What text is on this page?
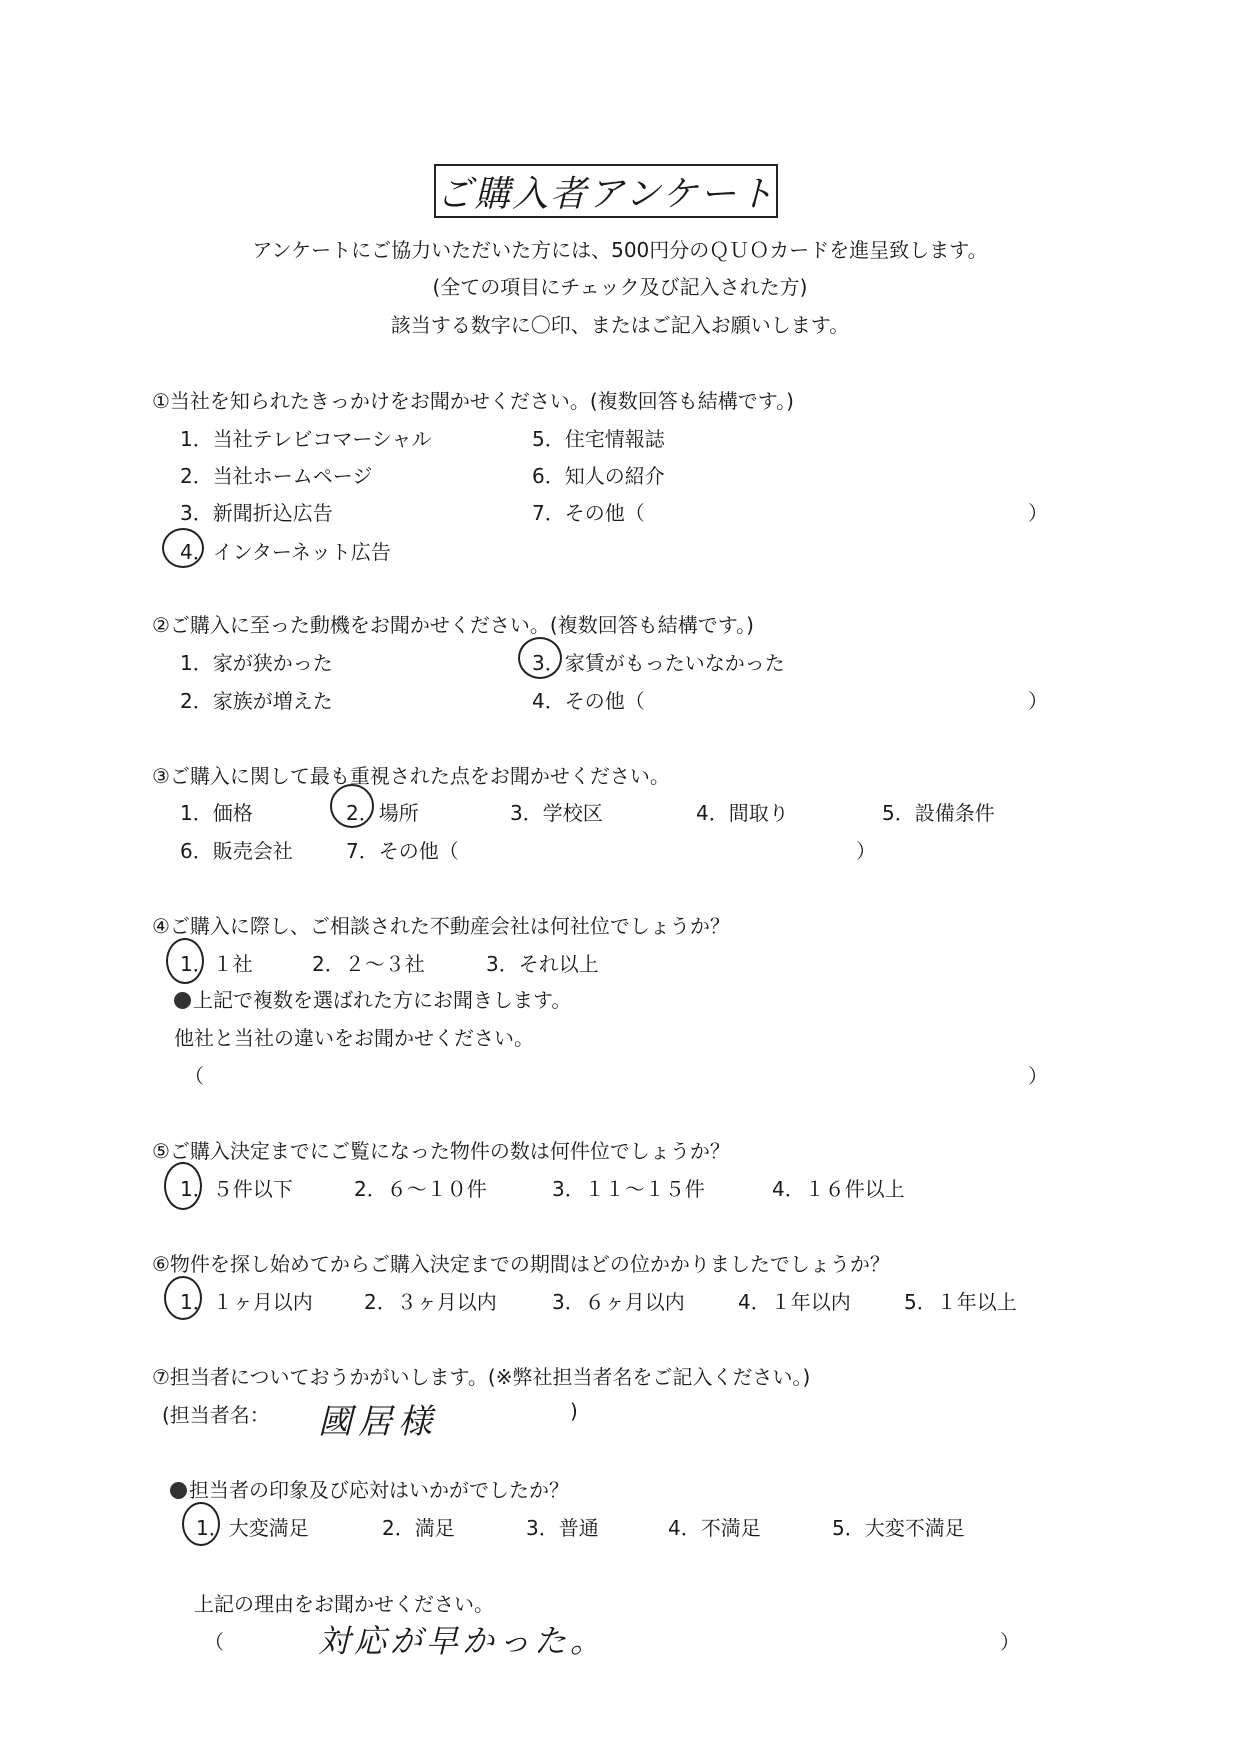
ご購入者アンケート
アンケートにご協力いただいた方には、500円分のＱＵＯカードを進呈致します。
(全ての項目にチェック及び記入された方)
該当する数字に〇印、またはご記入お願いします。
①当社を知られたきっかけをお聞かせください。(複数回答も結構です。)
1．当社テレビコマーシャル
2．当社ホームページ
3．新聞折込広告
4．インターネット広告
5．住宅情報誌
6．知人の紹介
7．その他（	）
②ご購入に至った動機をお聞かせください。(複数回答も結構です。)
1．家が狭かった
2．家族が増えた
3．家賃がもったいなかった
4．その他（	）
③ご購入に関して最も重視された点をお聞かせください。
1．価格	2．場所	3．学校区	4．間取り	5．設備条件
6．販売会社	7．その他（	）
④ご購入に際し、ご相談された不動産会社は何社位でしょうか？
1．１社	2．２～３社	3．それ以上
上記で複数を選ばれた方にお聞きします。
他社と当社の違いをお聞かせください。
（	）
⑤ご購入決定までにご覧になった物件の数は何件位でしょうか？
1．５件以下	2．６～１０件	3．１１～１５件	4．１６件以上
⑥物件を探し始めてからご購入決定までの期間はどの位かかりましたでしょうか？
1．１ヶ月以内	2．３ヶ月以内	3．６ヶ月以内	4．１年以内	5．１年以上
⑦担当者についておうかがいします。(※弊社担当者名をご記入ください。)
(担当者名： 國居様	)
担当者の印象及び応対はいかがでしたか？
1．大変満足	2．満足	3．普通	4．不満足	5．大変不満足
上記の理由をお聞かせください。
（	対応が早かった。	）
